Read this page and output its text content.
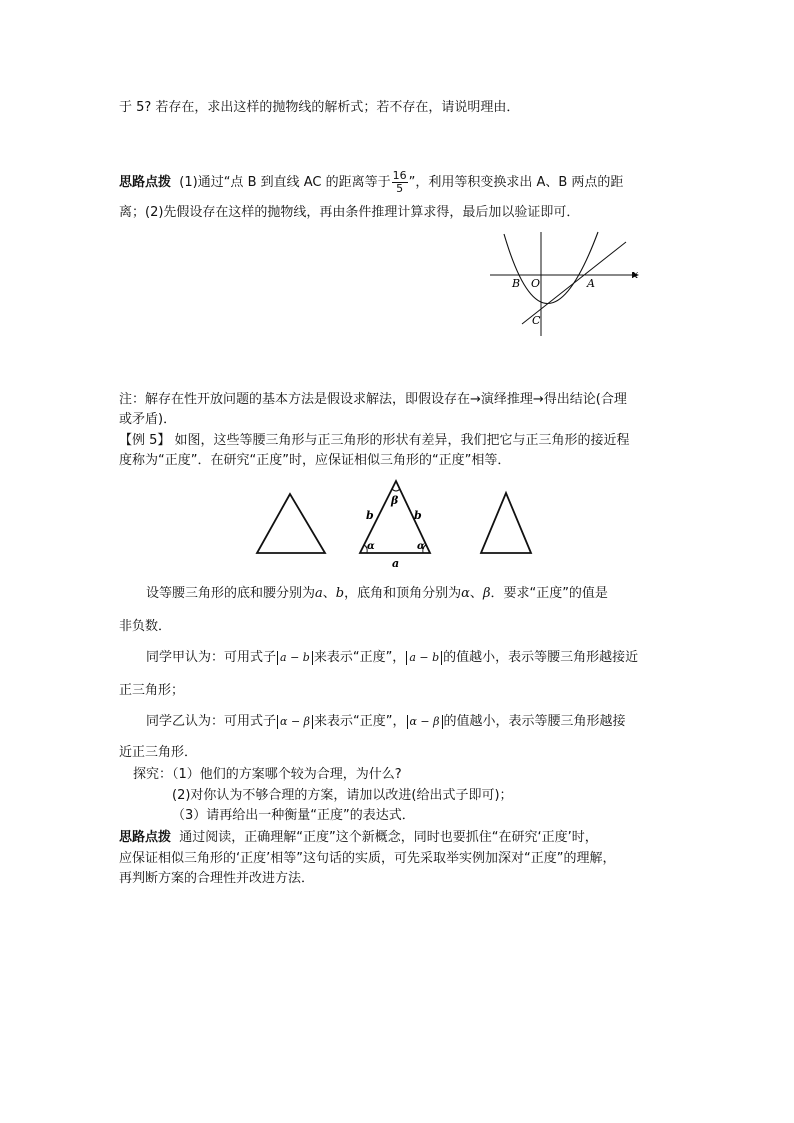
于 5? 若存在，求出这样的抛物线的解析式；若不存在，请说明理由．
思路点拨 (1)通过“点 B 到直线 AC 的距离等于 $\frac{16}{5}$ ”，利用等积变换求出 A、B 两点的距
离；(2)先假设存在这样的抛物线，再由条件推理计算求得，最后加以验证即可．
x
B O	A
C
注：解存在性开放问题的基本方法是假设求解法，即假设存在→演绎推理→得出结论(合理
或矛盾)．
【例 5】 如图，这些等腰三角形与正三角形的形状有差异，我们把它与正三角形的接近程
度称为“正度”．在研究“正度”时，应保证相似三角形的“正度”相等．
β
b	b
α	α
a
设等腰三角形的底和腰分别为a、b，底角和顶角分别为α、β．要求“正度”的值是
非负数．
同学甲认为：可用式子 a − b 来表示“正度”， a − b 的值越小，表示等腰三角形越接近
正三角形；
同学乙认为：可用式子 α − β 来表示“正度”， α − β 的值越小，表示等腰三角形越接
近正三角形．
探究：（1）他们的方案哪个较为合理，为什么?
(2)对你认为不够合理的方案，请加以改进(给出式子即可)；
（3）请再给出一种衡量“正度”的表达式．
思路点拨 通过阅读，正确理解“正度”这个新概念，同时也要抓住“在研究‘正度’时，
应保证相似三角形的‘正度’相等”这句话的实质，可先采取举实例加深对“正度”的理解，
再判断方案的合理性并改进方法．
